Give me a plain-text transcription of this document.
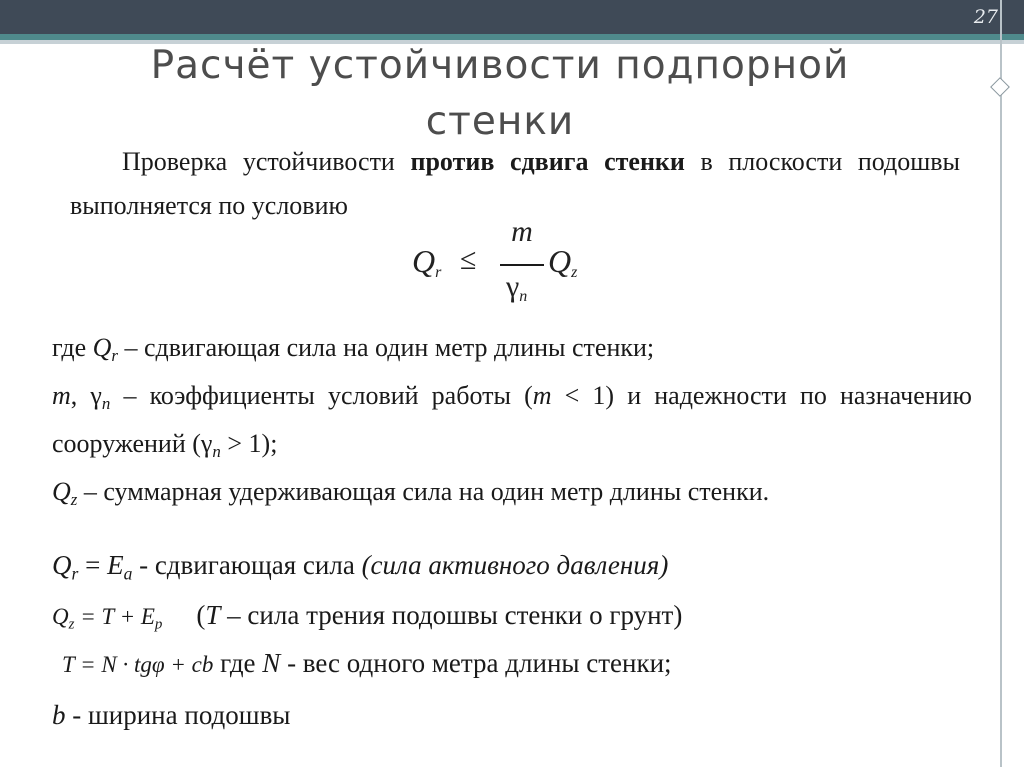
27
Расчёт устойчивости подпорной
стенки
Проверка устойчивости против сдвига стенки в плоскости подошвы выполняется по условию
$Q_r$ ≤
m
$\gamma_n$
$Q_z$

где $Q_r$ – сдвигающая сила на один метр длины стенки;

m, $\gamma_n$ – коэффициенты условий работы (m < 1) и надежности по назначению сооружений $(\gamma_n > 1)$;

$Q_z$ – суммарная удерживающая сила на один метр длины стенки.

$Q_r = E_a$ - сдвигающая сила (сила активного давления)
$Q_z = T + E_p$ (T – сила трения подошвы стенки о грунт)
T = N · tgφ + cb где N - вес одного метра длины стенки;
b - ширина подошвы
